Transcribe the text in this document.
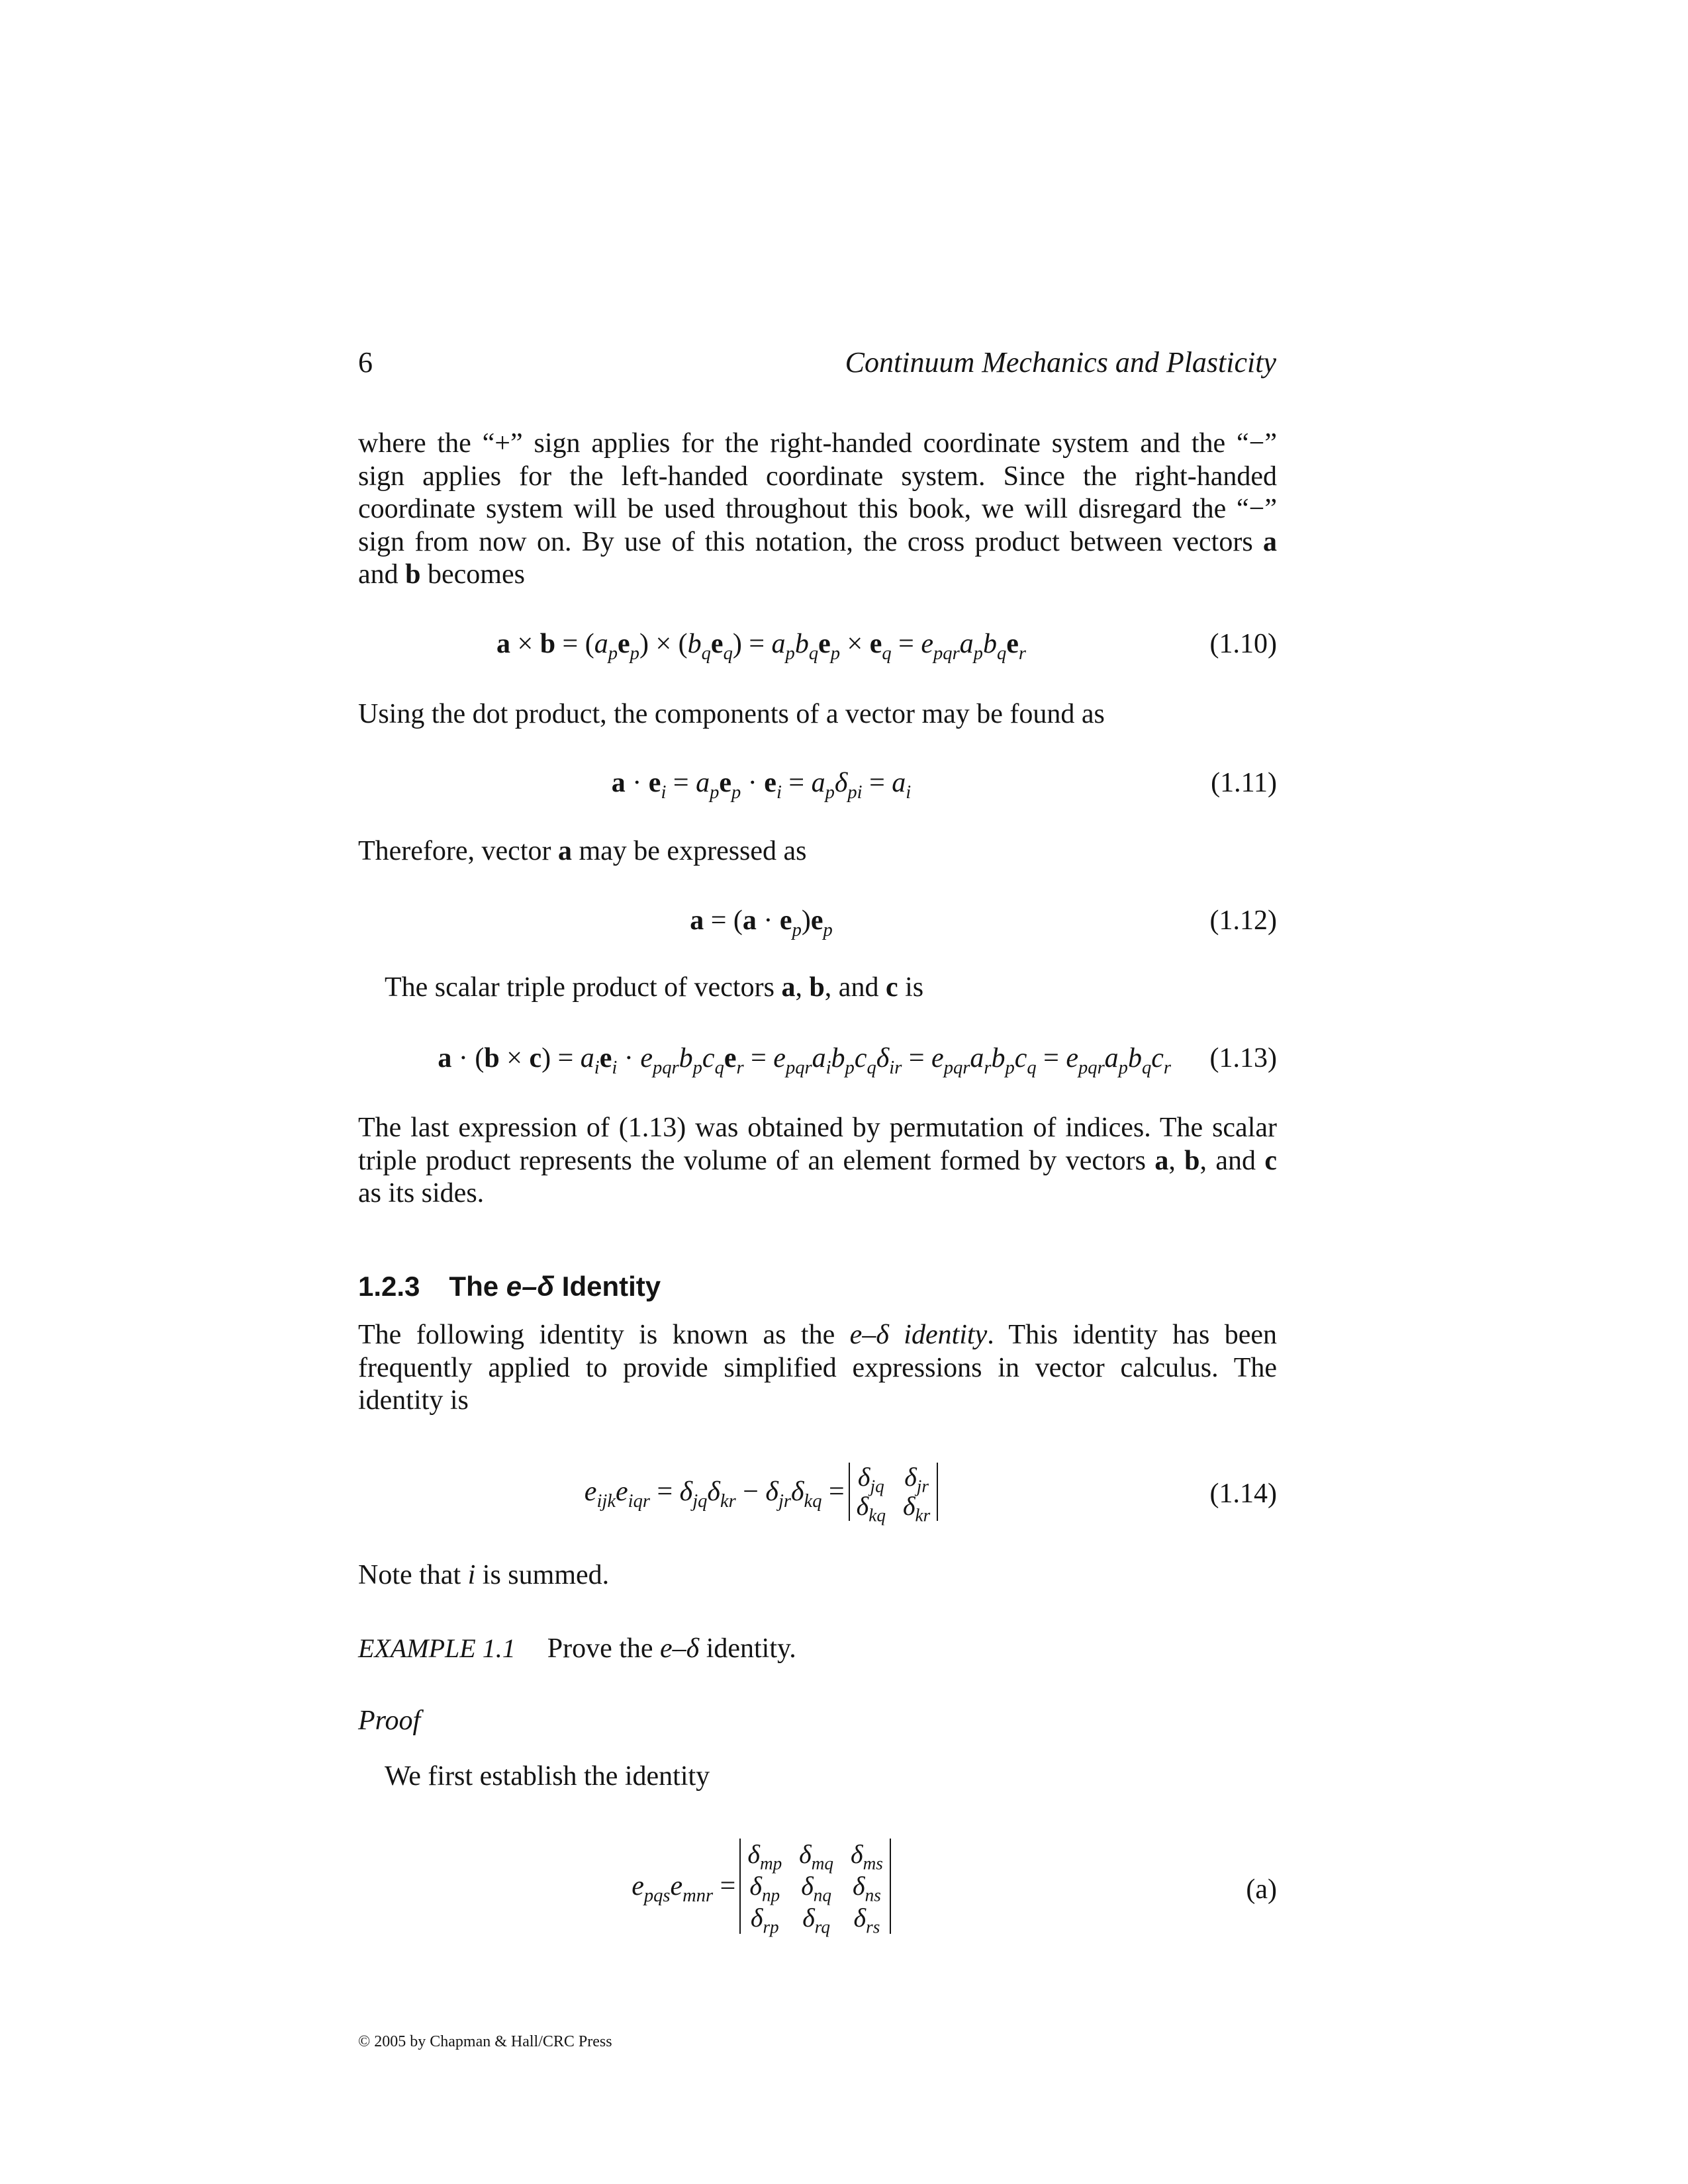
6	Continuum Mechanics and Plasticity
where the “+” sign applies for the right-handed coordinate system and the “−” sign applies for the left-handed coordinate system. Since the right-handed coordinate system will be used throughout this book, we will disregard the “−” sign from now on. By use of this notation, the cross product between vectors a and b becomes
$a \times b = (a_pe_p) \times (b_qe_q) = a_pb_qe_p \times e_q = e_{pqr}a_pb_qe_r$	(1.10)
Using the dot product, the components of a vector may be found as
$a \cdot e_i = a_pe_p \cdot e_i = a_p\delta_{pi} = a_i$	(1.11)
Therefore, vector a may be expressed as
$a = (a \cdot e_p)e_p$	(1.12)
The scalar triple product of vectors a, b, and c is
$a \cdot (b \times c) = a_ie_i \cdot e_{pqr}b_pc_qe_r = e_{pqr}a_ib_pc_q\delta_{ir} = e_{pqr}a_rb_pc_q = e_{pqr}a_pb_qc_r$ (1.13)
The last expression of (1.13) was obtained by permutation of indices. The scalar triple product represents the volume of an element formed by vectors a, b, and c as its sides.
1.2.3 The e–δ Identity
The following identity is known as the e–δ identity. This identity has been frequently applied to provide simplified expressions in vector calculus. The identity is
$e_{ijk}e_{iqr} = \delta_{jq}\delta_{kr} - \delta_{jr}\delta_{kq} = \delta_{jq}$	$\delta_{jr}$
$\delta_{kq}$	$\delta_{kr}$
(1.14)
Note that i is summed.
EXAMPLE 1.1 Prove the e–δ identity.
Proof
We first establish the identity
$e_{pqs}e_{mnr}$ =
$\delta_{mp}$	$\delta_{mq}$	$\delta_{ms}$
$\delta_{np}$	$\delta_{nq}$	$\delta_{ns}$
$\delta_{rp}$	$\delta_{rq}$	$\delta_{rs}$
(a)
© 2005 by Chapman & Hall/CRC Press
